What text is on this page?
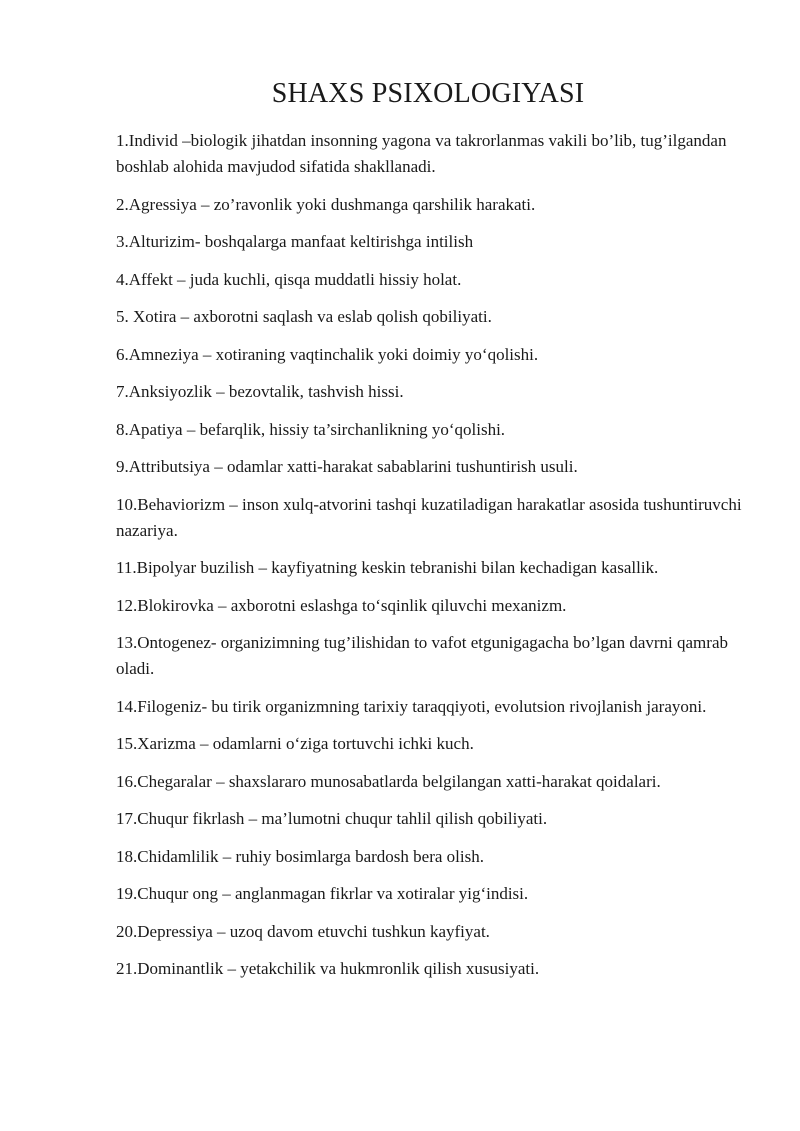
SHAXS PSIXOLOGIYASI
1.Individ –biologik jihatdan insonning yagona va takrorlanmas vakili bo’lib, tug’ilgandan boshlab alohida mavjudod sifatida shakllanadi.
2.Agressiya – zo’ravonlik yoki dushmanga qarshilik harakati.
3.Alturizim- boshqalarga manfaat keltirishga intilish
4.Affekt – juda kuchli, qisqa muddatli hissiy holat.
5. Xotira – axborotni saqlash va eslab qolish qobiliyati.
6.Amneziya – xotiraning vaqtinchalik yoki doimiy yo‘qolishi.
7.Anksiyozlik – bezovtalik, tashvish hissi.
8.Apatiya – befarqlik, hissiy ta’sirchanlikning yo‘qolishi.
9.Attributsiya – odamlar xatti-harakat sabablarini tushuntirish usuli.
10.Behaviorizm – inson xulq-atvorini tashqi kuzatiladigan harakatlar asosida tushuntiruvchi nazariya.
11.Bipolyar buzilish – kayfiyatning keskin tebranishi bilan kechadigan kasallik.
12.Blokirovka – axborotni eslashga to‘sqinlik qiluvchi mexanizm.
13.Ontogenez- organizimning tug’ilishidan to vafot etgunigagacha bo’lgan davrni qamrab oladi.
14.Filogeniz- bu tirik organizmning tarixiy taraqqiyoti, evolutsion rivojlanish jarayoni.
15.Xarizma – odamlarni o‘ziga tortuvchi ichki kuch.
16.Chegaralar – shaxslararo munosabatlarda belgilangan xatti-harakat qoidalari.
17.Chuqur fikrlash – ma’lumotni chuqur tahlil qilish qobiliyati.
18.Chidamlilik – ruhiy bosimlarga bardosh bera olish.
19.Chuqur ong – anglanmagan fikrlar va xotiralar yig‘indisi.
20.Depressiya – uzoq davom etuvchi tushkun kayfiyat.
21.Dominantlik – yetakchilik va hukmronlik qilish xususiyati.
